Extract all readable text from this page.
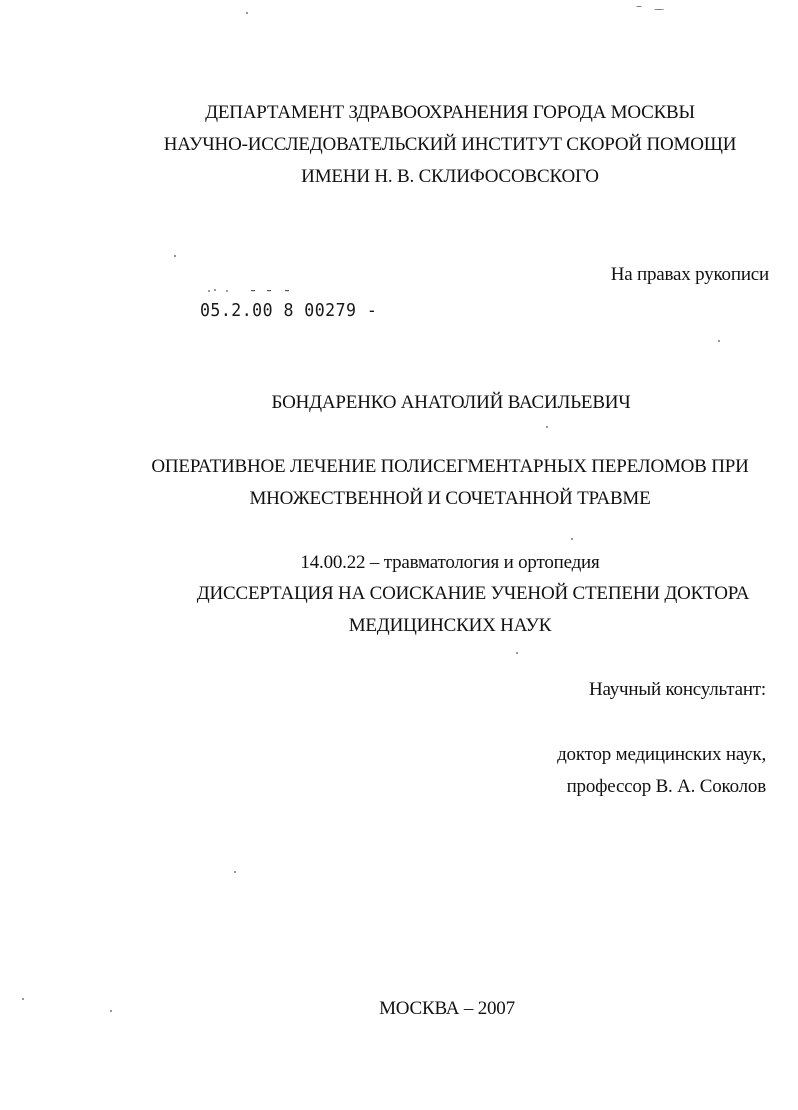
ДЕПАРТАМЕНТ ЗДРАВООХРАНЕНИЯ ГОРОДА МОСКВЫ
НАУЧНО-ИССЛЕДОВАТЕЛЬСКИЙ ИНСТИТУТ СКОРОЙ ПОМОЩИ
ИМЕНИ Н. В. СКЛИФОСОВСКОГО
На правах рукописи
05.2.00 8 00279 -
БОНДАРЕНКО АНАТОЛИЙ ВАСИЛЬЕВИЧ
ОПЕРАТИВНОЕ ЛЕЧЕНИЕ ПОЛИСЕГМЕНТАРНЫХ ПЕРЕЛОМОВ ПРИ
МНОЖЕСТВЕННОЙ И СОЧЕТАННОЙ ТРАВМЕ
14.00.22 – травматология и ортопедия
ДИССЕРТАЦИЯ НА СОИСКАНИЕ УЧЕНОЙ СТЕПЕНИ ДОКТОРА
МЕДИЦИНСКИХ НАУК
Научный консультант:
доктор медицинских наук,
профессор В. А. Соколов
МОСКВА – 2007
